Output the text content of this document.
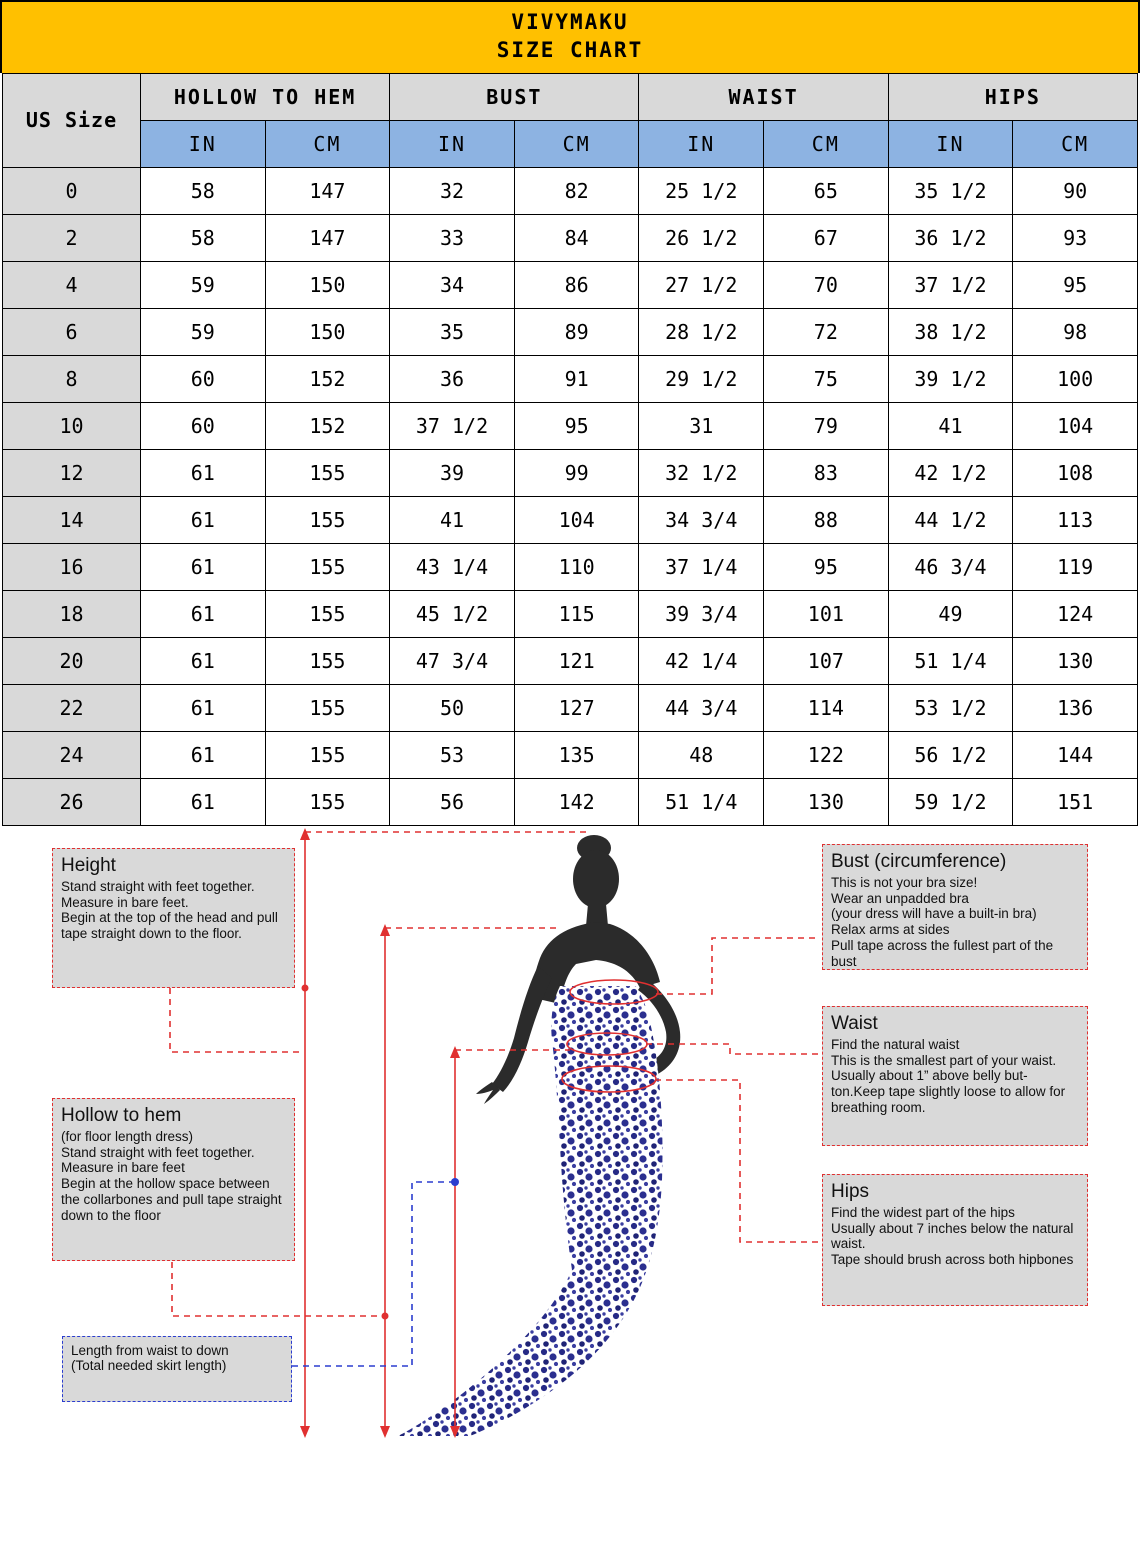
VIVYMAKU
SIZE CHART
US Size	HOLLOW TO HEM		BUST		WAIST		HIPS	
	IN	CM	IN	CM	IN	CM	IN	CM
0	58	147	32	82	25 1/2	65	35 1/2	90
2	58	147	33	84	26 1/2	67	36 1/2	93
4	59	150	34	86	27 1/2	70	37 1/2	95
6	59	150	35	89	28 1/2	72	38 1/2	98
8	60	152	36	91	29 1/2	75	39 1/2	100
10	60	152	37 1/2	95	31	79	41	104
12	61	155	39	99	32 1/2	83	42 1/2	108
14	61	155	41	104	34 3/4	88	44 1/2	113
16	61	155	43 1/4	110	37 1/4	95	46 3/4	119
18	61	155	45 1/2	115	39 3/4	101	49	124
20	61	155	47 3/4	121	42 1/4	107	51 1/4	130
22	61	155	50	127	44 3/4	114	53 1/2	136
24	61	155	53	135	48	122	56 1/2	144
26	61	155	56	142	51 1/4	130	59 1/2	151
Height
Stand straight with feet together.
Measure in bare feet.
Begin at the top of the head and pull tape straight down to the floor.
Hollow to hem
(for floor length dress)
Stand straight with feet together. Measure in bare feet
Begin at the hollow space between the collarbones and pull tape straight down to the floor
Length from waist to down
(Total needed skirt length)
Bust (circumference)
This is not your bra size!
Wear an unpadded bra
(your dress will have a built-in bra)
Relax arms at sides
Pull tape across the fullest part of the bust
Waist
Find the natural waist
This is the smallest part of your waist.
Usually about 1” above belly but-ton.Keep tape slightly loose to allow for breathing room.
Hips
Find the widest part of the hips
Usually about 7 inches below the natural waist.
Tape should brush across both hipbones
